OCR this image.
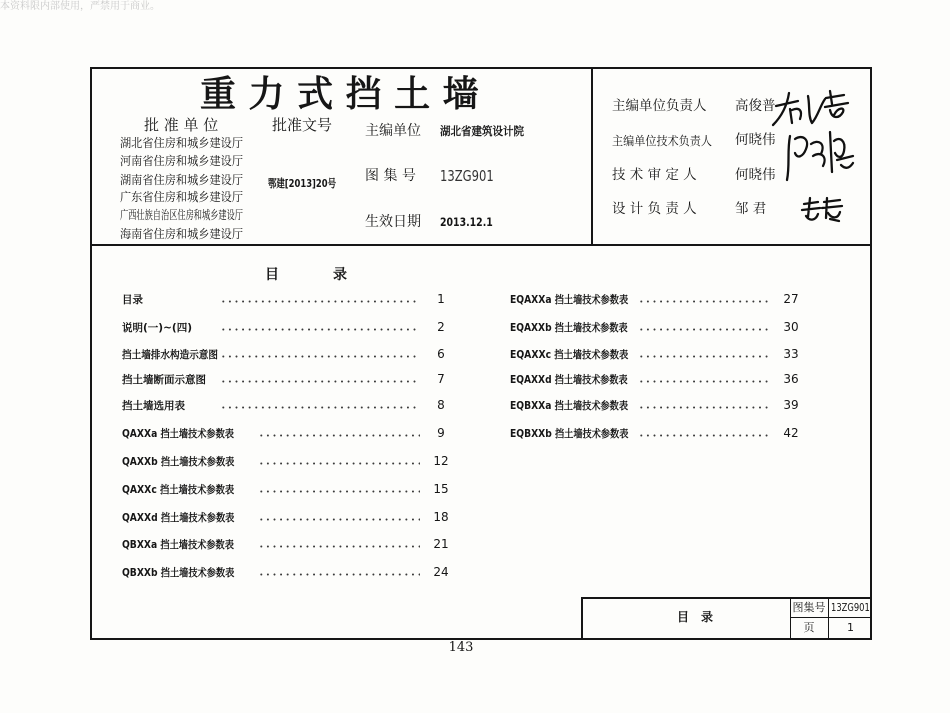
本资料限内部使用，严禁用于商业。
重 力 式 挡 土 墙
批 准 单 位	批准文号
湖北省住房和城乡建设厅
河南省住房和城乡建设厅
湖南省住房和城乡建设厅
广东省住房和城乡建设厅
广西壮族自治区住房和城乡建设厅
海南省住房和城乡建设厅
鄂建[2013]20号
主编单位 湖北省建筑设计院
图 集 号 13ZG901
生效日期 2013.12.1
主编单位负责人 高俊普
主编单位技术负责人 何晓伟
技 术 审 定 人	何晓伟
设 计 负 责 人	邹 君
目	录
目录	1
说明(一)~(四)	2
挡土墙排水构造示意图	6
挡土墙断面示意图	7
挡土墙选用表	8
QAXXa 挡土墙技术参数表	9
QAXXb 挡土墙技术参数表	12
QAXXc 挡土墙技术参数表	15
QAXXd 挡土墙技术参数表	18
QBXXa 挡土墙技术参数表	21
QBXXb 挡土墙技术参数表	24
EQAXXa 挡土墙技术参数表	27
EQAXXb 挡土墙技术参数表	30
EQAXXc 挡土墙技术参数表	33
EQAXXd 挡土墙技术参数表	36
EQBXXa 挡土墙技术参数表	39
EQBXXb 挡土墙技术参数表	42
目　录
图集号 13ZG901
页	1
143
